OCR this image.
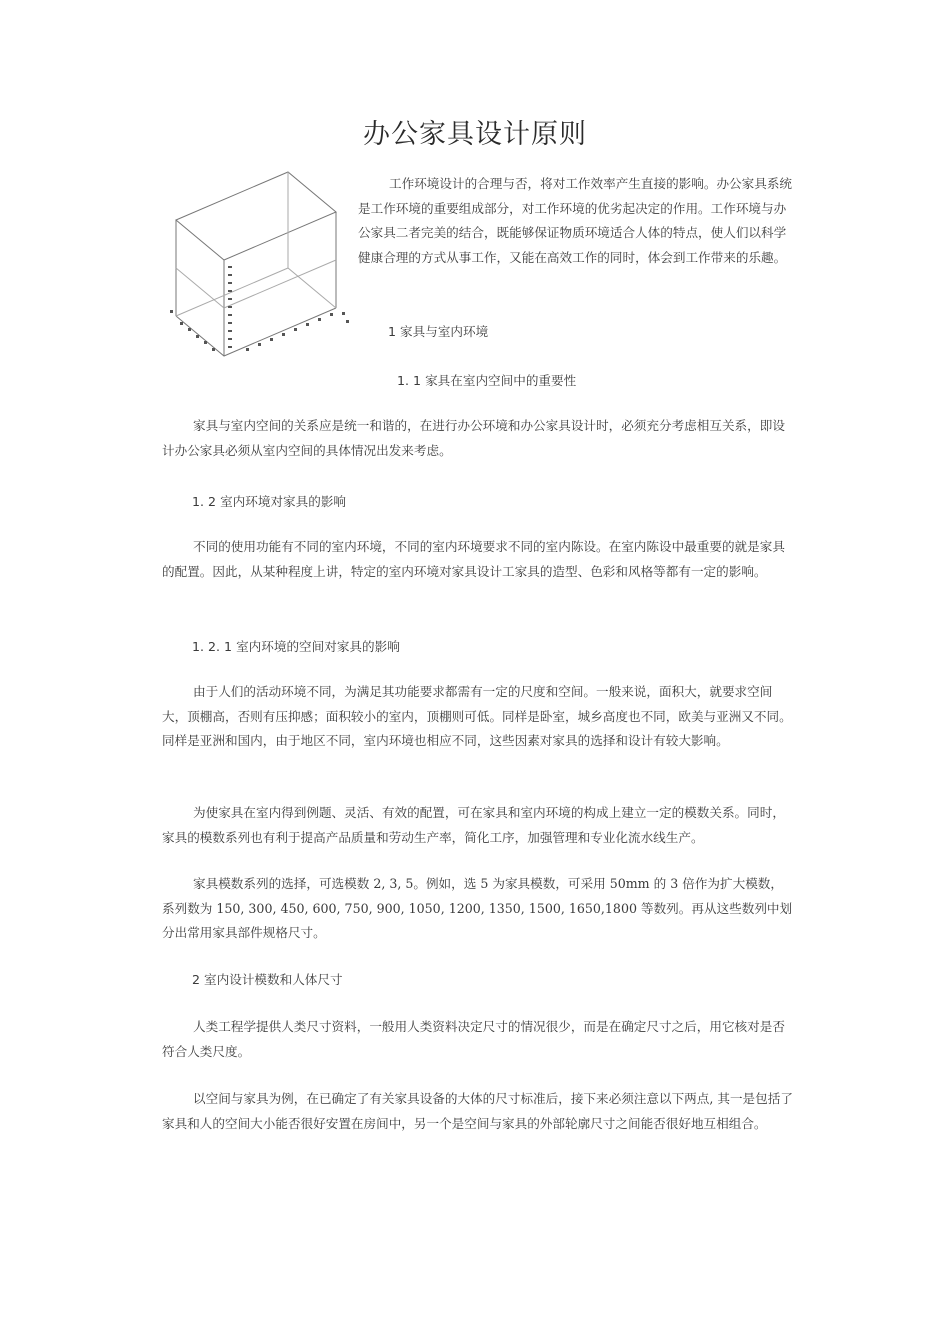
办公家具设计原则
工作环境设计的合理与否，将对工作效率产生直接的影响。办公家具系统是工作环境的重要组成部分，对工作环境的优劣起决定的作用。工作环境与办公家具二者完美的结合，既能够保证物质环境适合人体的特点，使人们以科学健康合理的方式从事工作，又能在高效工作的同时，体会到工作带来的乐趣。
1 家具与室内环境
1. 1 家具在室内空间中的重要性
家具与室内空间的关系应是统一和谐的，在进行办公环境和办公家具设计时，必须充分考虑相互关系，即设计办公家具必须从室内空间的具体情况出发来考虑。
1. 2 室内环境对家具的影响
不同的使用功能有不同的室内环境，不同的室内环境要求不同的室内陈设。在室内陈设中最重要的就是家具的配置。因此，从某种程度上讲，特定的室内环境对家具设计工家具的造型、色彩和风格等都有一定的影响。
1. 2. 1 室内环境的空间对家具的影响
由于人们的活动环境不同，为满足其功能要求都需有一定的尺度和空间。一般来说，面积大，就要求空间大，顶棚高，否则有压抑感；面积较小的室内，顶棚则可低。同样是卧室，城乡高度也不同，欧美与亚洲又不同。同样是亚洲和国内，由于地区不同，室内环境也相应不同，这些因素对家具的选择和设计有较大影响。
为使家具在室内得到例题、灵活、有效的配置，可在家具和室内环境的构成上建立一定的模数关系。同时，家具的模数系列也有利于提高产品质量和劳动生产率，简化工序，加强管理和专业化流水线生产。
家具模数系列的选择，可选模数 2, 3, 5。例如，选 5 为家具模数，可采用 50mm 的 3 倍作为扩大模数，系列数为 150, 300, 450, 600, 750, 900, 1050, 1200, 1350, 1500, 1650,1800 等数列。再从这些数列中划分出常用家具部件规格尺寸。
2 室内设计模数和人体尺寸
人类工程学提供人类尺寸资料，一般用人类资料决定尺寸的情况很少，而是在确定尺寸之后，用它核对是否符合人类尺度。
以空间与家具为例，在已确定了有关家具设备的大体的尺寸标准后，接下来必须注意以下两点, 其一是包括了家具和人的空间大小能否很好安置在房间中，另一个是空间与家具的外部轮廓尺寸之间能否很好地互相组合。
